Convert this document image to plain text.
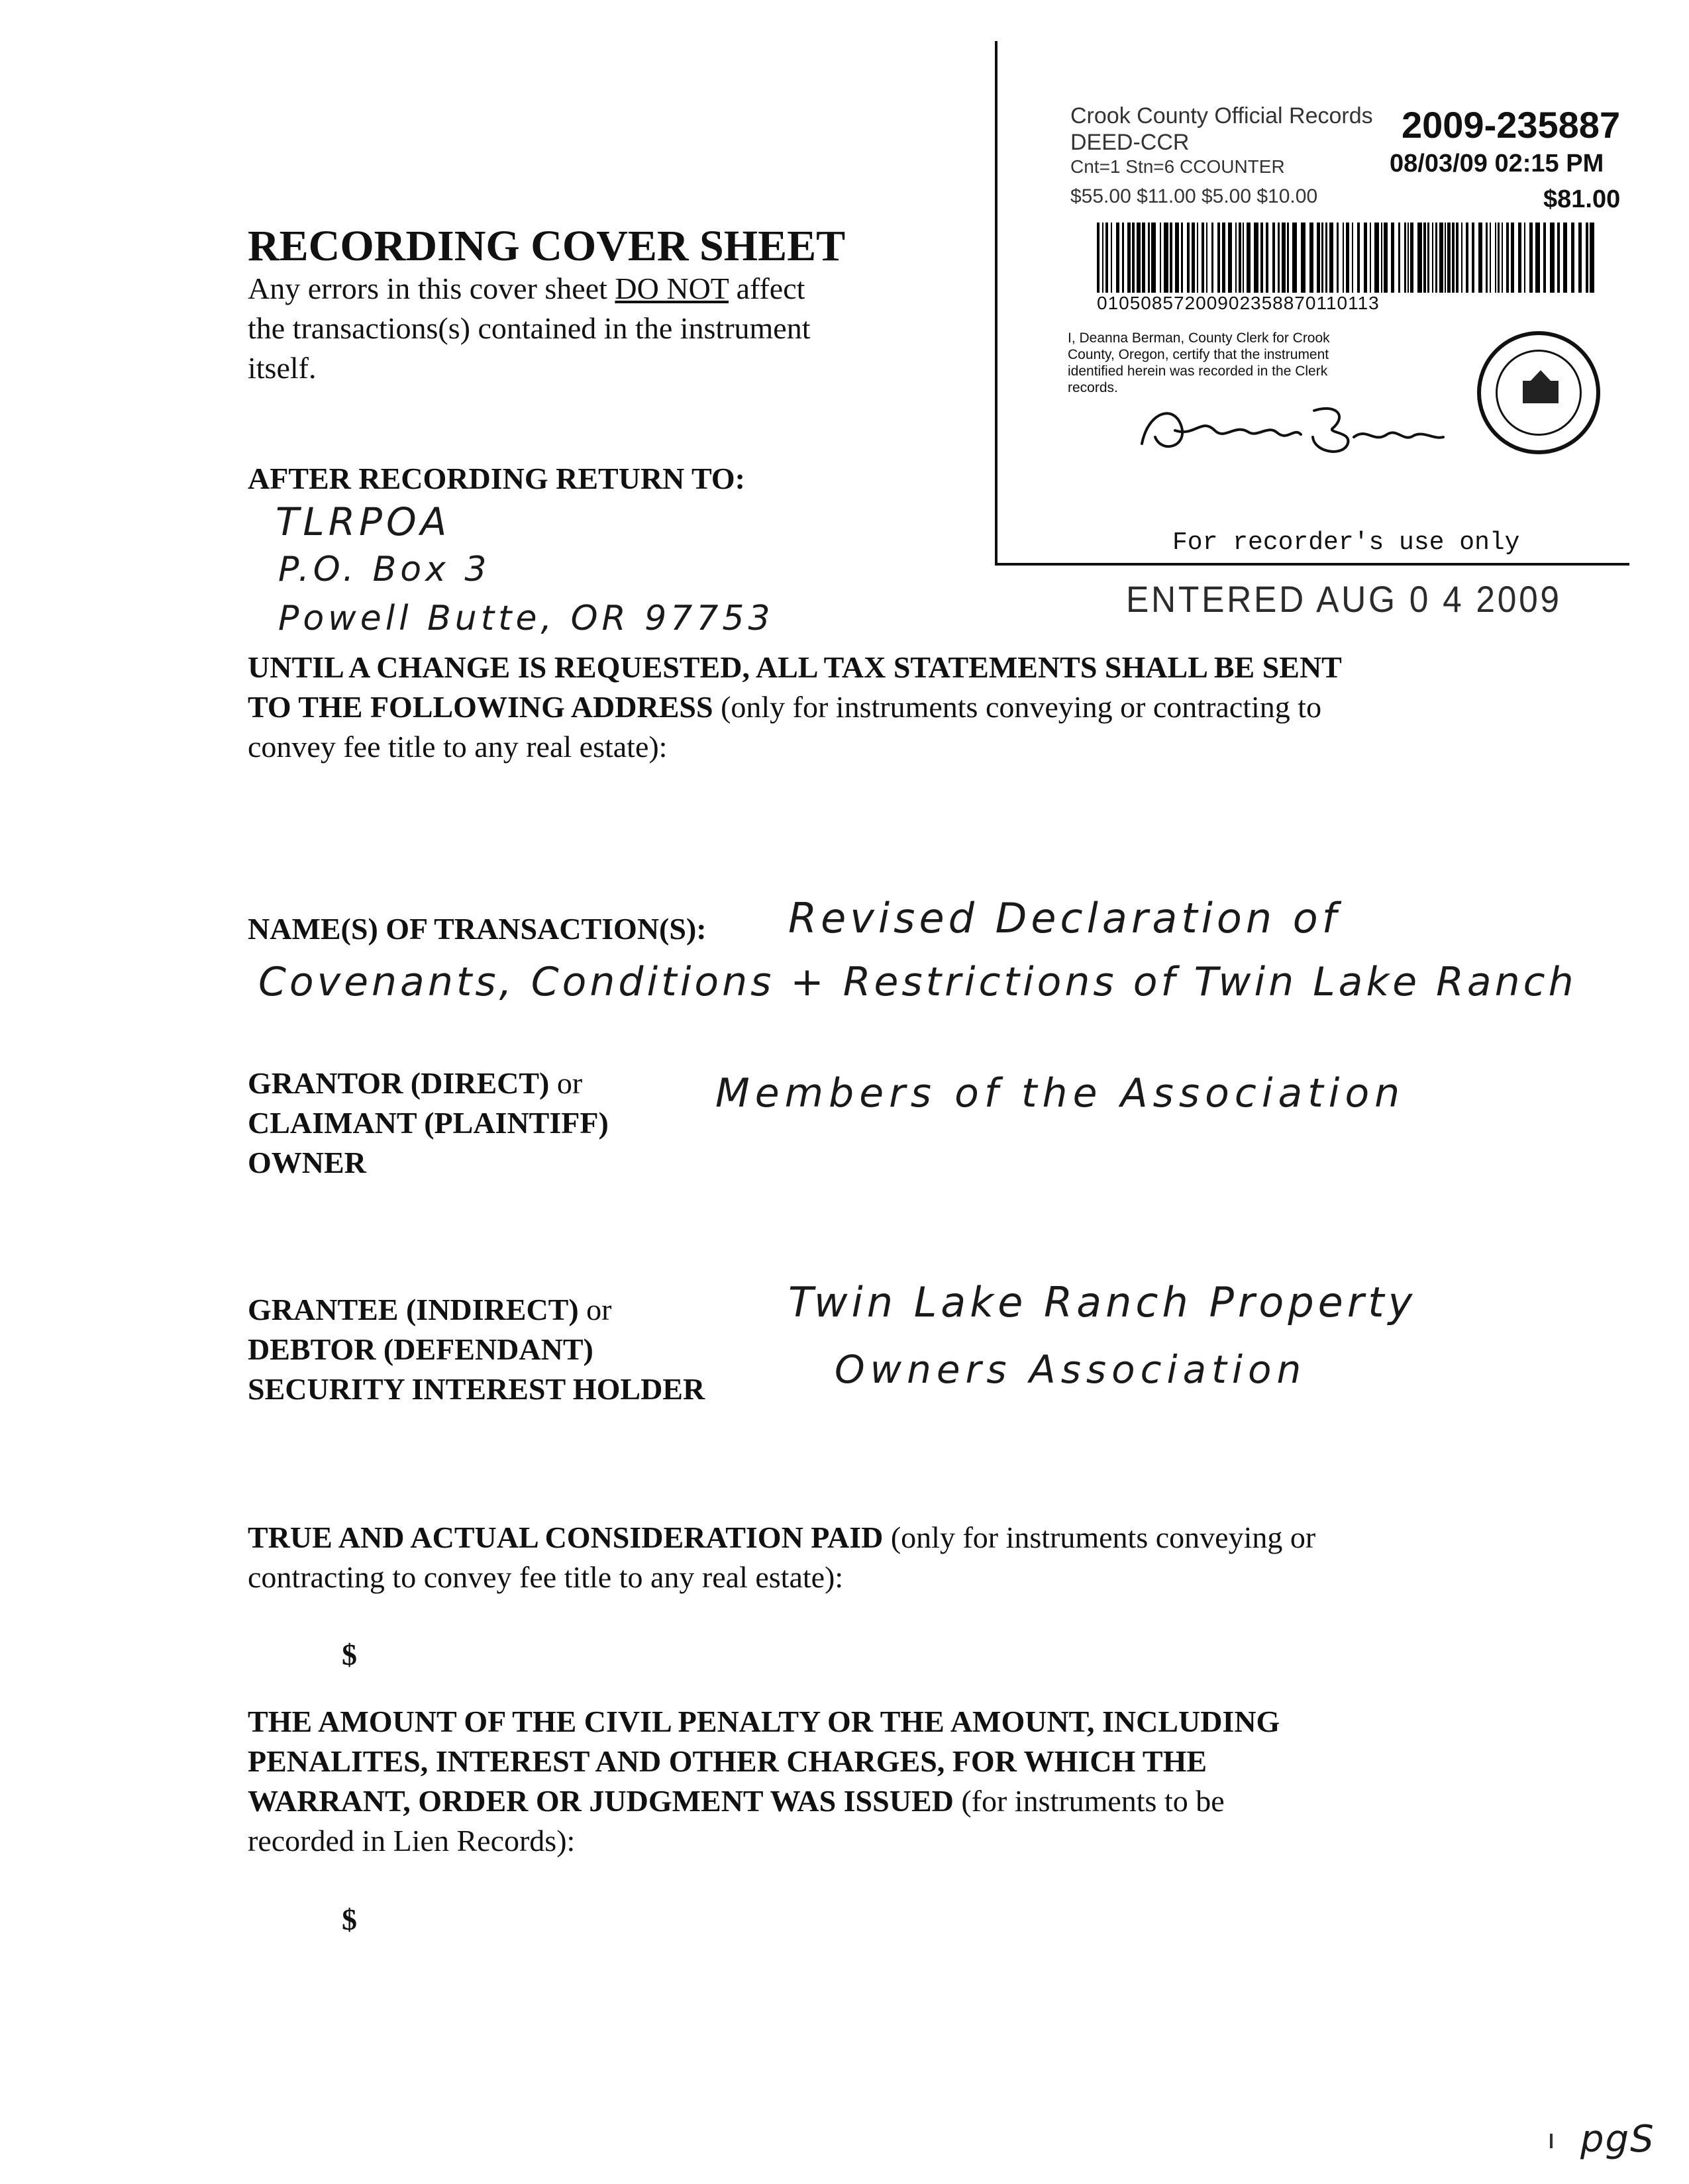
Crook County Official Records
DEED-CCR
Cnt=1 Stn=6 CCOUNTER
$55.00 $11.00 $5.00 $10.00
2009-235887
08/03/09 02:15 PM
$81.00
01050857200902358870110113
I, Deanna Berman, County Clerk for Crook
County, Oregon, certify that the instrument
identified herein was recorded in the Clerk
records.
For recorder's use only
ENTERED AUG 0 4 2009
RECORDING COVER SHEET
Any errors in this cover sheet DO NOT affect
the transactions(s) contained in the instrument
itself.
AFTER RECORDING RETURN TO:
TLRPOA
P.O. Box 3
Powell Butte, OR 97753
UNTIL A CHANGE IS REQUESTED, ALL TAX STATEMENTS SHALL BE SENT
TO THE FOLLOWING ADDRESS (only for instruments conveying or contracting to
convey fee title to any real estate):
NAME(S) OF TRANSACTION(S): Revised Declaration of
Covenants, Conditions + Restrictions of Twin Lake Ranch
GRANTOR (DIRECT) or
CLAIMANT (PLAINTIFF)
OWNER
Members of the Association
GRANTEE (INDIRECT) or
DEBTOR (DEFENDANT)
SECURITY INTEREST HOLDER
Twin Lake Ranch Property
Owners Association
TRUE AND ACTUAL CONSIDERATION PAID (only for instruments conveying or
contracting to convey fee title to any real estate):
$
THE AMOUNT OF THE CIVIL PENALTY OR THE AMOUNT, INCLUDING
PENALITES, INTEREST AND OTHER CHARGES, FOR WHICH THE
WARRANT, ORDER OR JUDGMENT WAS ISSUED (for instruments to be
recorded in Lien Records):
$
pgS
